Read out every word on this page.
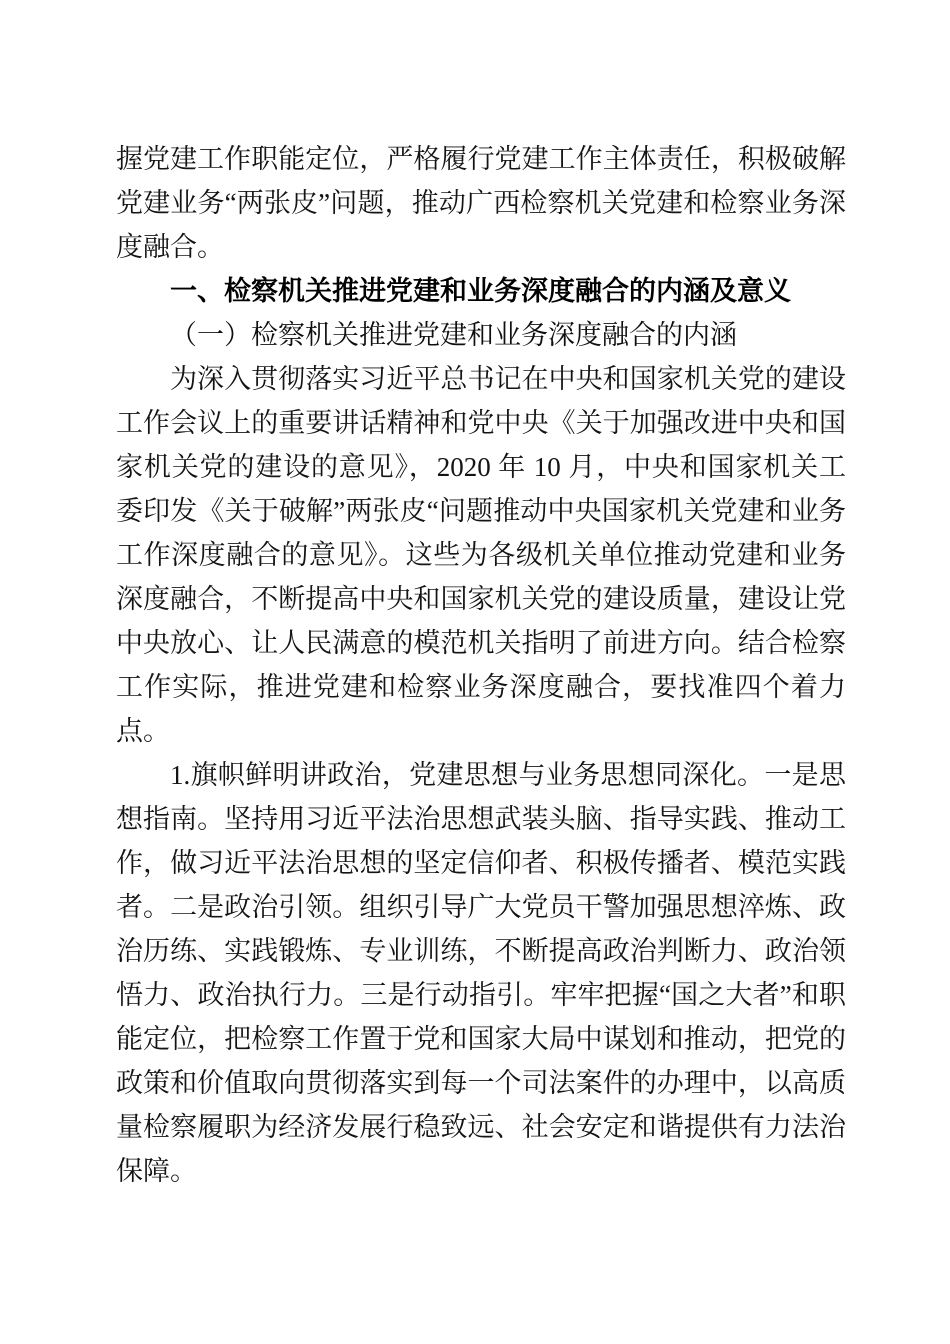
握党建工作职能定位，严格履行党建工作主体责任，积极破解党建业务“两张皮”问题，推动广西检察机关党建和检察业务深度融合。

一、检察机关推进党建和业务深度融合的内涵及意义

（一）检察机关推进党建和业务深度融合的内涵

为深入贯彻落实习近平总书记在中央和国家机关党的建设工作会议上的重要讲话精神和党中央《关于加强改进中央和国家机关党的建设的意见》，2020 年 10 月，中央和国家机关工委印发《关于破解”两张皮“问题推动中央国家机关党建和业务工作深度融合的意见》。这些为各级机关单位推动党建和业务深度融合，不断提高中央和国家机关党的建设质量，建设让党中央放心、让人民满意的模范机关指明了前进方向。结合检察工作实际，推进党建和检察业务深度融合，要找准四个着力点。

1.旗帜鲜明讲政治，党建思想与业务思想同深化。一是思想指南。坚持用习近平法治思想武装头脑、指导实践、推动工作，做习近平法治思想的坚定信仰者、积极传播者、模范实践者。二是政治引领。组织引导广大党员干警加强思想淬炼、政治历练、实践锻炼、专业训练，不断提高政治判断力、政治领悟力、政治执行力。三是行动指引。牢牢把握“国之大者”和职能定位，把检察工作置于党和国家大局中谋划和推动，把党的政策和价值取向贯彻落实到每一个司法案件的办理中，以高质量检察履职为经济发展行稳致远、社会安定和谐提供有力法治保障。
